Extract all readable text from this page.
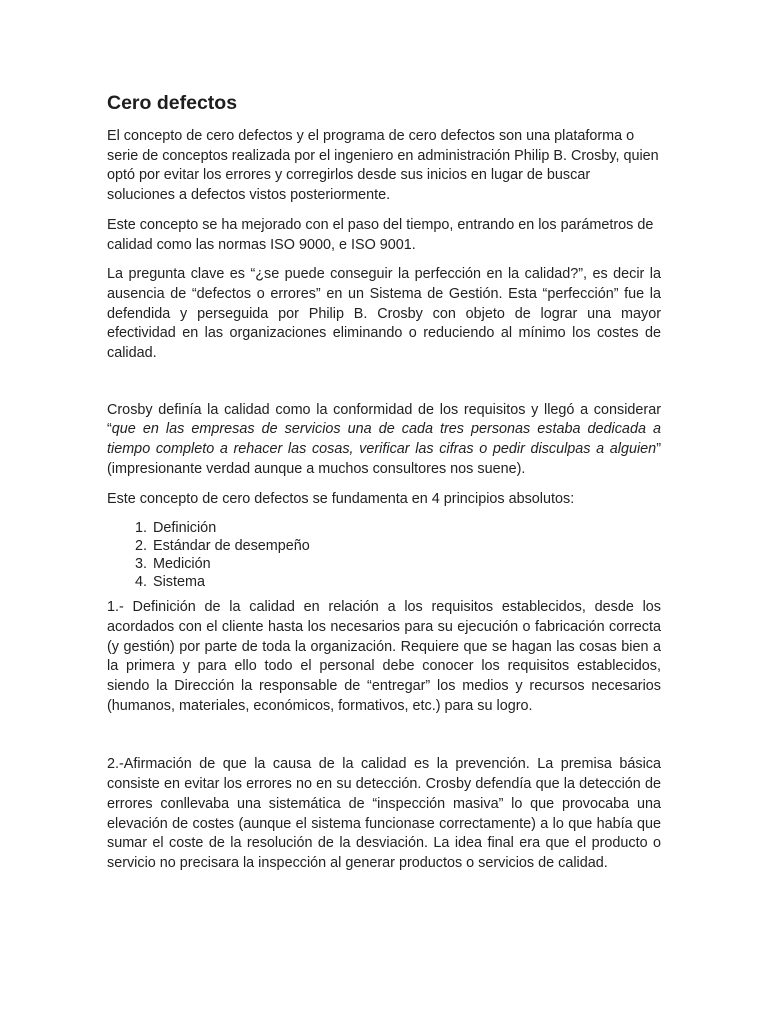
Cero defectos

El concepto de cero defectos y el programa de cero defectos son una plataforma o serie de conceptos realizada por el ingeniero en administración Philip B. Crosby, quien optó por evitar los errores y corregirlos desde sus inicios en lugar de buscar soluciones a defectos vistos posteriormente.

Este concepto se ha mejorado con el paso del tiempo, entrando en los parámetros de calidad como las normas ISO 9000, e ISO 9001.

La pregunta clave es “¿se puede conseguir la perfección en la calidad?”, es decir la ausencia de “defectos o errores” en un Sistema de Gestión. Esta “perfección” fue la defendida y perseguida por Philip B. Crosby con objeto de lograr una mayor efectividad en las organizaciones eliminando o reduciendo al mínimo los costes de calidad.

Crosby definía la calidad como la conformidad de los requisitos y llegó a considerar “que en las empresas de servicios una de cada tres personas estaba dedicada a tiempo completo a rehacer las cosas, verificar las cifras o pedir disculpas a alguien” (impresionante verdad aunque a muchos consultores nos suene).

Este concepto de cero defectos se fundamenta en 4 principios absolutos:

1. Definición
2. Estándar de desempeño
3. Medición
4. Sistema

1.- Definición de la calidad en relación a los requisitos establecidos, desde los acordados con el cliente hasta los necesarios para su ejecución o fabricación correcta (y gestión) por parte de toda la organización. Requiere que se hagan las cosas bien a la primera y para ello todo el personal debe conocer los requisitos establecidos, siendo la Dirección la responsable de “entregar” los medios y recursos necesarios (humanos, materiales, económicos, formativos, etc.) para su logro.

2.-Afirmación de que la causa de la calidad es la prevención. La premisa básica consiste en evitar los errores no en su detección. Crosby defendía que la detección de errores conllevaba una sistemática de “inspección masiva” lo que provocaba una elevación de costes (aunque el sistema funcionase correctamente) a lo que había que sumar el coste de la resolución de la desviación. La idea final era que el producto o servicio no precisara la inspección al generar productos o servicios de calidad.
